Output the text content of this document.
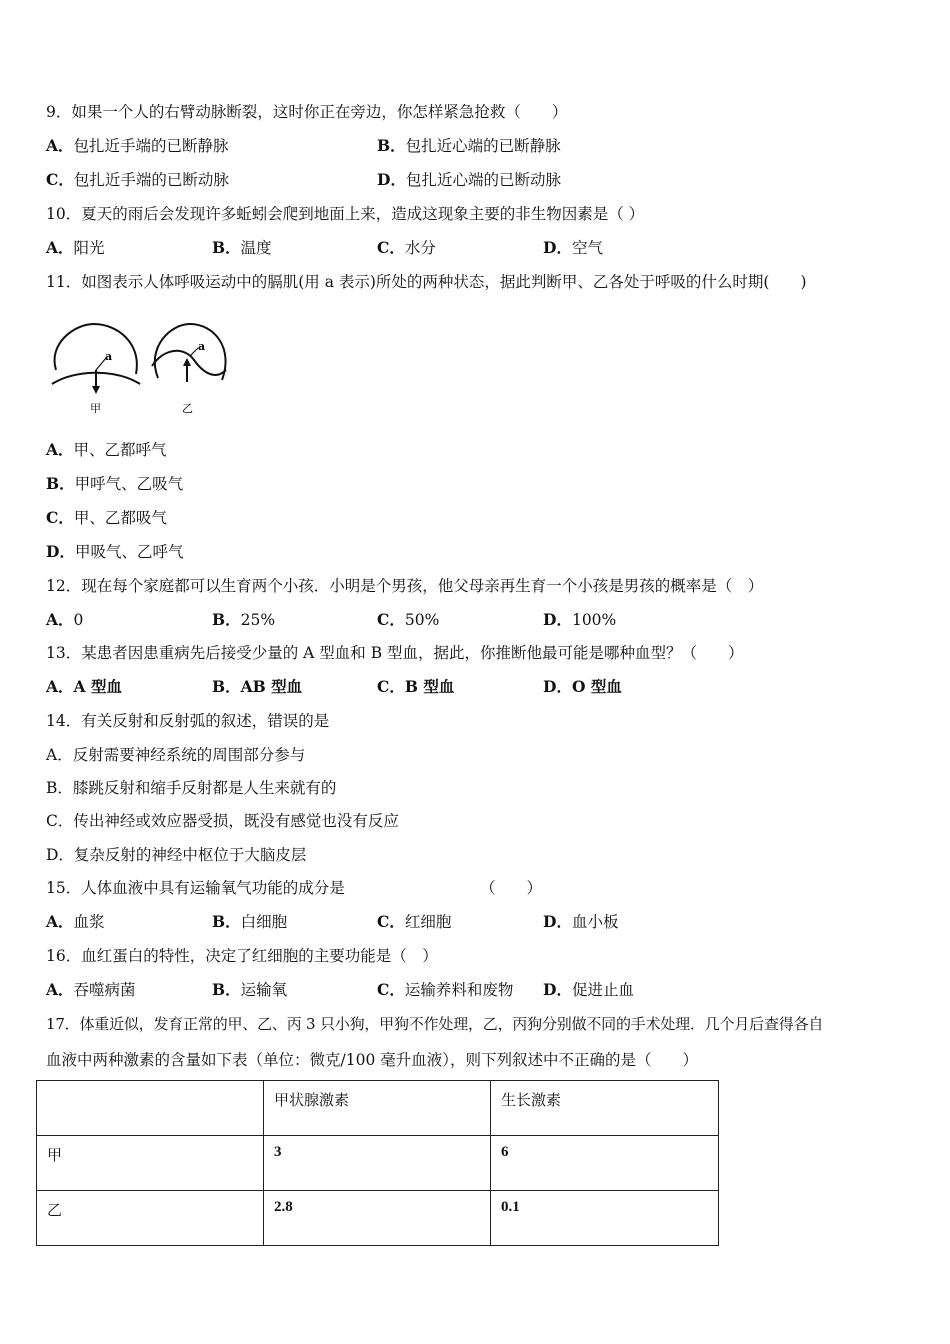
9．如果一个人的右臂动脉断裂，这时你正在旁边，你怎样紧急抢救（　　）
A．包扎近手端的已断静脉	B．包扎近心端的已断静脉
C．包扎近手端的已断动脉	D．包扎近心端的已断动脉
10．夏天的雨后会发现许多蚯蚓会爬到地面上来，造成这现象主要的非生物因素是（ ）
A．阳光	B．温度	C．水分	D．空气
11．如图表示人体呼吸运动中的膈肌(用 a 表示)所处的两种状态，据此判断甲、乙各处于呼吸的什么时期(　　)
a
a
甲	乙
A．甲、乙都呼气
B．甲呼气、乙吸气
C．甲、乙都吸气
D．甲吸气、乙呼气
12．现在每个家庭都可以生育两个小孩．小明是个男孩，他父母亲再生育一个小孩是男孩的概率是（　）
A．0	B．25%	C．50%	D．100%
13．某患者因患重病先后接受少量的 A 型血和 B 型血，据此，你推断他最可能是哪种血型？（　　）
A．A 型血	B．AB 型血	C．B 型血	D．O 型血
14．有关反射和反射弧的叙述，错误的是
A．反射需要神经系统的周围部分参与
B．膝跳反射和缩手反射都是人生来就有的
C．传出神经或效应器受损，既没有感觉也没有反应
D．复杂反射的神经中枢位于大脑皮层
15．人体血液中具有运输氧气功能的成分是	（　　）
A．血浆	B．白细胞	C．红细胞	D．血小板
16．血红蛋白的特性，决定了红细胞的主要功能是（　）
A．吞噬病菌	B．运输氧	C．运输养料和废物 D．促进止血
17．体重近似，发育正常的甲、乙、丙 3 只小狗，甲狗不作处理，乙，丙狗分别做不同的手术处理．几个月后查得各自
血液中两种激素的含量如下表（单位：微克/100 毫升血液），则下列叙述中不正确的是（　　）
	甲状腺激素	生长激素
甲	3	6
乙	2.8	0.1
